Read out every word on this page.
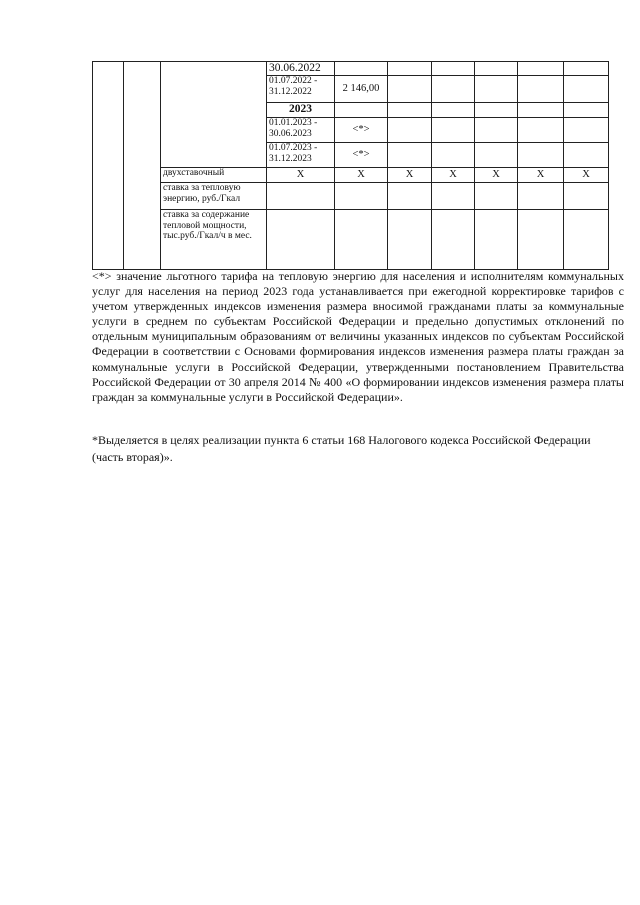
			30.06.2022						
			01.07.2022 - 31.12.2022	2 146,00					
			2023						
			01.01.2023 - 30.06.2023	<*>					
			01.07.2023 - 31.12.2023	<*>					
		двухставочный	X	X	X	X	X	X	X
		ставка за тепловую энергию, руб./Гкал							
		ставка за содержание тепловой мощности, тыс.руб./Гкал/ч в мес.							

<*> значение льготного тарифа на тепловую энергию для населения и исполнителям коммунальных услуг для населения на период 2023 года устанавливается при ежегодной корректировке тарифов с учетом утвержденных индексов изменения размера вносимой гражданами платы за коммунальные услуги в среднем по субъектам Российской Федерации и предельно допустимых отклонений по отдельным муниципальным образованиям от величины указанных индексов по субъектам Российской Федерации в соответствии с Основами формирования индексов изменения размера платы граждан за коммунальные услуги в Российской Федерации, утвержденными постановлением Правительства Российской Федерации от 30 апреля 2014 № 400 «О формировании индексов изменения размера платы граждан за коммунальные услуги в Российской Федерации».

*Выделяется в целях реализации пункта 6 статьи 168 Налогового кодекса Российской Федерации (часть вторая)».
